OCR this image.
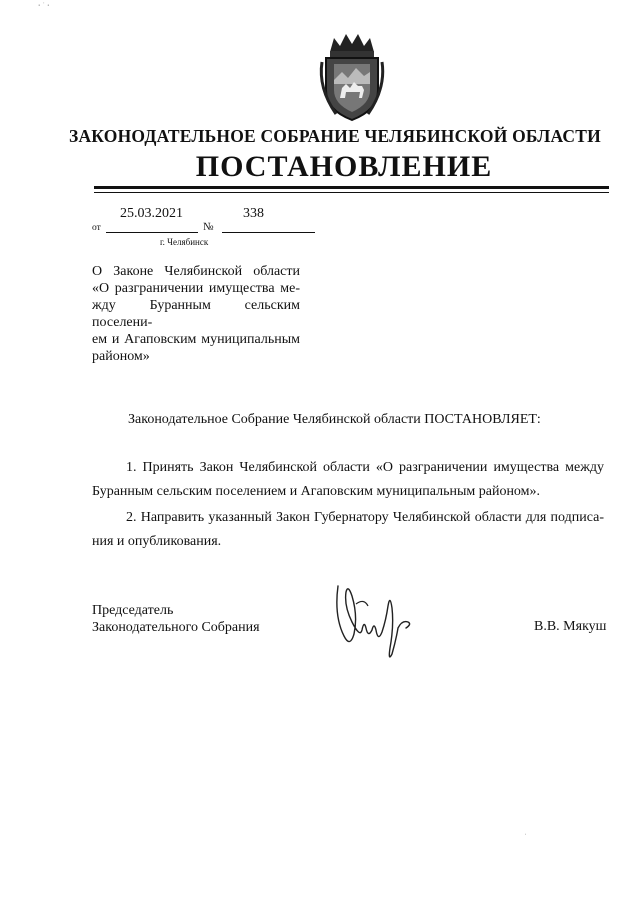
ꞏ ˈ ꞏ
ЗАКОНОДАТЕЛЬНОЕ СОБРАНИЕ ЧЕЛЯБИНСКОЙ ОБЛАСТИ
ПОСТАНОВЛЕНИЕ
25.03.2021	338
от	№
г. Челябинск
О Законе Челябинской области
«О разграничении имущества ме-
жду Буранным сельским поселени-
ем и Агаповским муниципальным
районом»
Законодательное Собрание Челябинской области ПОСТАНОВЛЯЕТ:
1. Принять Закон Челябинской области «О разграничении имущества между
Буранным сельским поселением и Агаповским муниципальным районом».
2. Направить указанный Закон Губернатору Челябинской области для подписа-
ния и опубликования.
Председатель
Законодательного Собрания	В.В. Мякуш
ˌ
